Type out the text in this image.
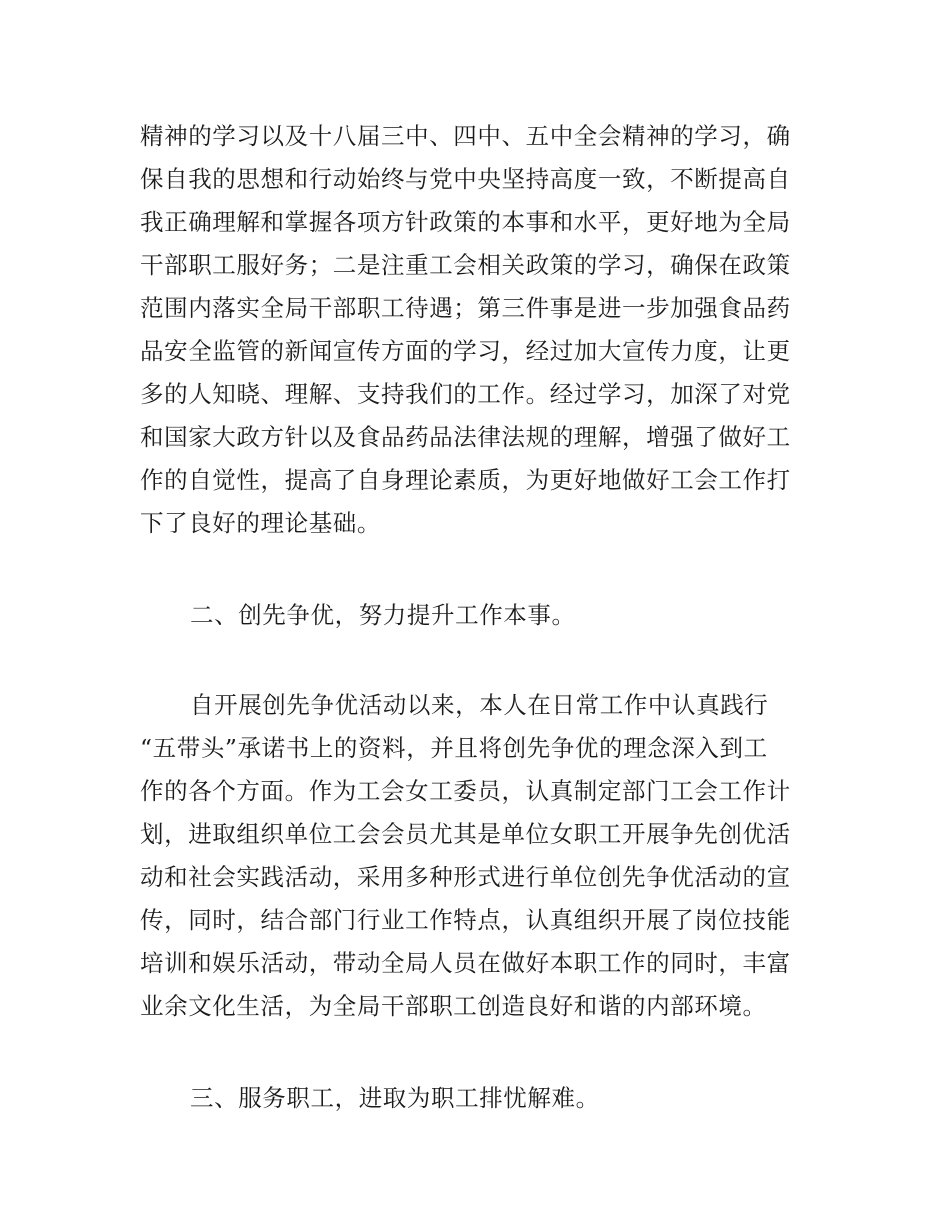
精神的学习以及十八届三中、四中、五中全会精神的学习，确
保自我的思想和行动始终与党中央坚持高度一致，不断提高自
我正确理解和掌握各项方针政策的本事和水平，更好地为全局
干部职工服好务；二是注重工会相关政策的学习，确保在政策
范围内落实全局干部职工待遇；第三件事是进一步加强食品药
品安全监管的新闻宣传方面的学习，经过加大宣传力度，让更
多的人知晓、理解、支持我们的工作。经过学习，加深了对党
和国家大政方针以及食品药品法律法规的理解，增强了做好工
作的自觉性，提高了自身理论素质，为更好地做好工会工作打
下了良好的理论基础。
二、创先争优，努力提升工作本事。
自开展创先争优活动以来，本人在日常工作中认真践行
“五带头”承诺书上的资料，并且将创先争优的理念深入到工
作的各个方面。作为工会女工委员，认真制定部门工会工作计
划，进取组织单位工会会员尤其是单位女职工开展争先创优活
动和社会实践活动，采用多种形式进行单位创先争优活动的宣
传，同时，结合部门行业工作特点，认真组织开展了岗位技能
培训和娱乐活动，带动全局人员在做好本职工作的同时，丰富
业余文化生活，为全局干部职工创造良好和谐的内部环境。
三、服务职工，进取为职工排忧解难。
